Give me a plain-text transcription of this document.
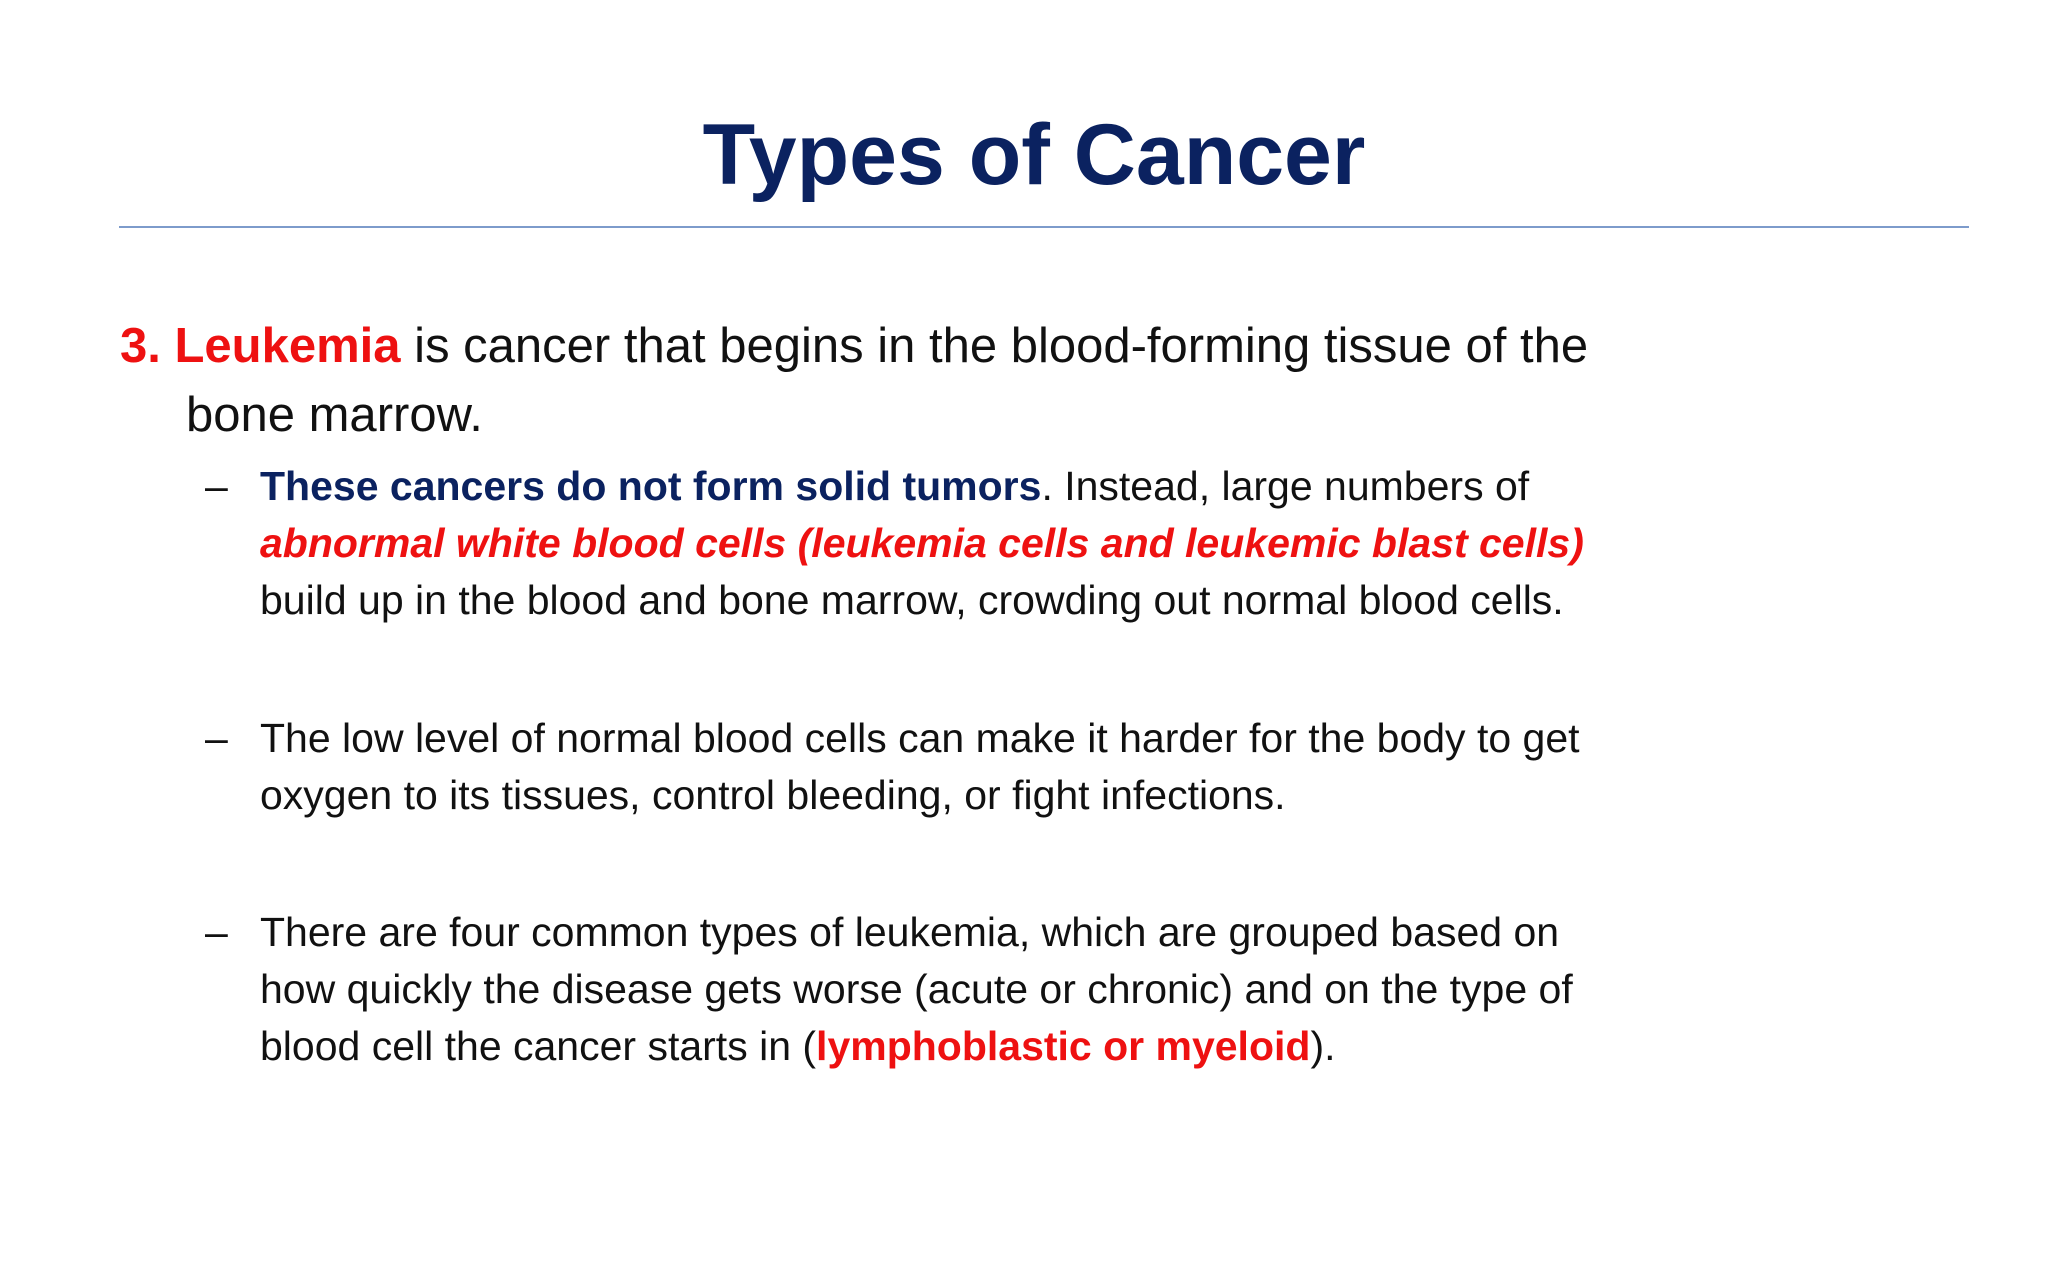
Types of Cancer
3. Leukemia is cancer that begins in the blood-forming tissue of the
bone marrow.
– These cancers do not form solid tumors. Instead, large numbers of
abnormal white blood cells (leukemia cells and leukemic blast cells)
build up in the blood and bone marrow, crowding out normal blood cells.
– The low level of normal blood cells can make it harder for the body to get
oxygen to its tissues, control bleeding, or fight infections.
– There are four common types of leukemia, which are grouped based on
how quickly the disease gets worse (acute or chronic) and on the type of
blood cell the cancer starts in (lymphoblastic or myeloid).
